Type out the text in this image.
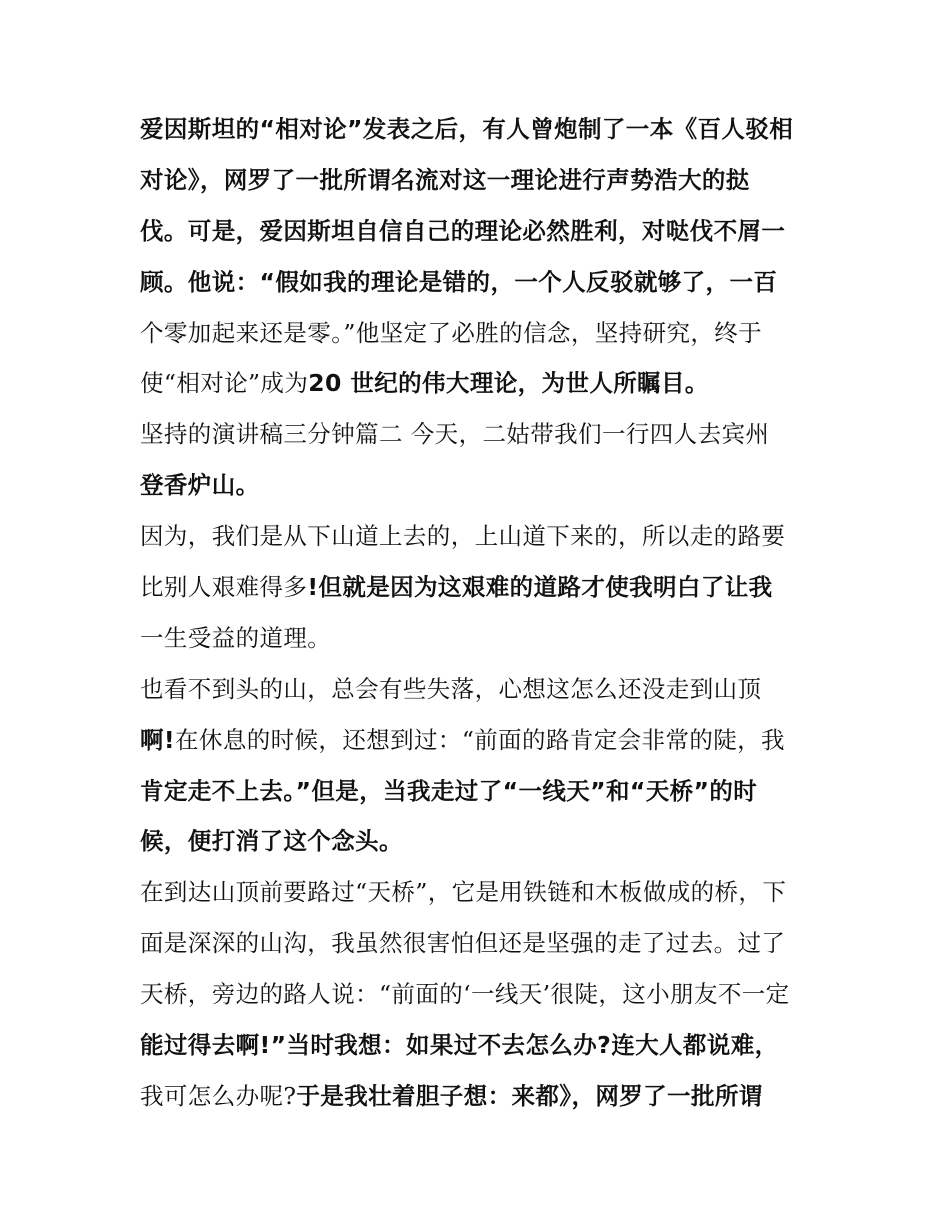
爱因斯坦的“相对论”发表之后，有人曾炮制了一本《百人驳相
对论》，网罗了一批所谓名流对这一理论进行声势浩大的挞
伐。可是，爱因斯坦自信自己的理论必然胜利，对哒伐不屑一
顾。他说：“假如我的理论是错的，一个人反驳就够了，一百
个零加起来还是零。”他坚定了必胜的信念，坚持研究，终于
使“相对论”成为20 世纪的伟大理论，为世人所瞩目。
坚持的演讲稿三分钟篇二 今天，二姑带我们一行四人去宾州
登香炉山。
因为，我们是从下山道上去的，上山道下来的，所以走的路要
比别人艰难得多!但就是因为这艰难的道路才使我明白了让我
一生受益的道理。
也看不到头的山，总会有些失落，心想这怎么还没走到山顶
啊!在休息的时候，还想到过：“前面的路肯定会非常的陡，我
肯定走不上去。”但是，当我走过了“一线天”和“天桥”的时
候，便打消了这个念头。
在到达山顶前要路过“天桥”，它是用铁链和木板做成的桥，下
面是深深的山沟，我虽然很害怕但还是坚强的走了过去。过了
天桥，旁边的路人说：“前面的‘一线天’很陡，这小朋友不一定
能过得去啊!”当时我想：如果过不去怎么办?连大人都说难，
我可怎么办呢?于是我壮着胆子想：来都》，网罗了一批所谓
